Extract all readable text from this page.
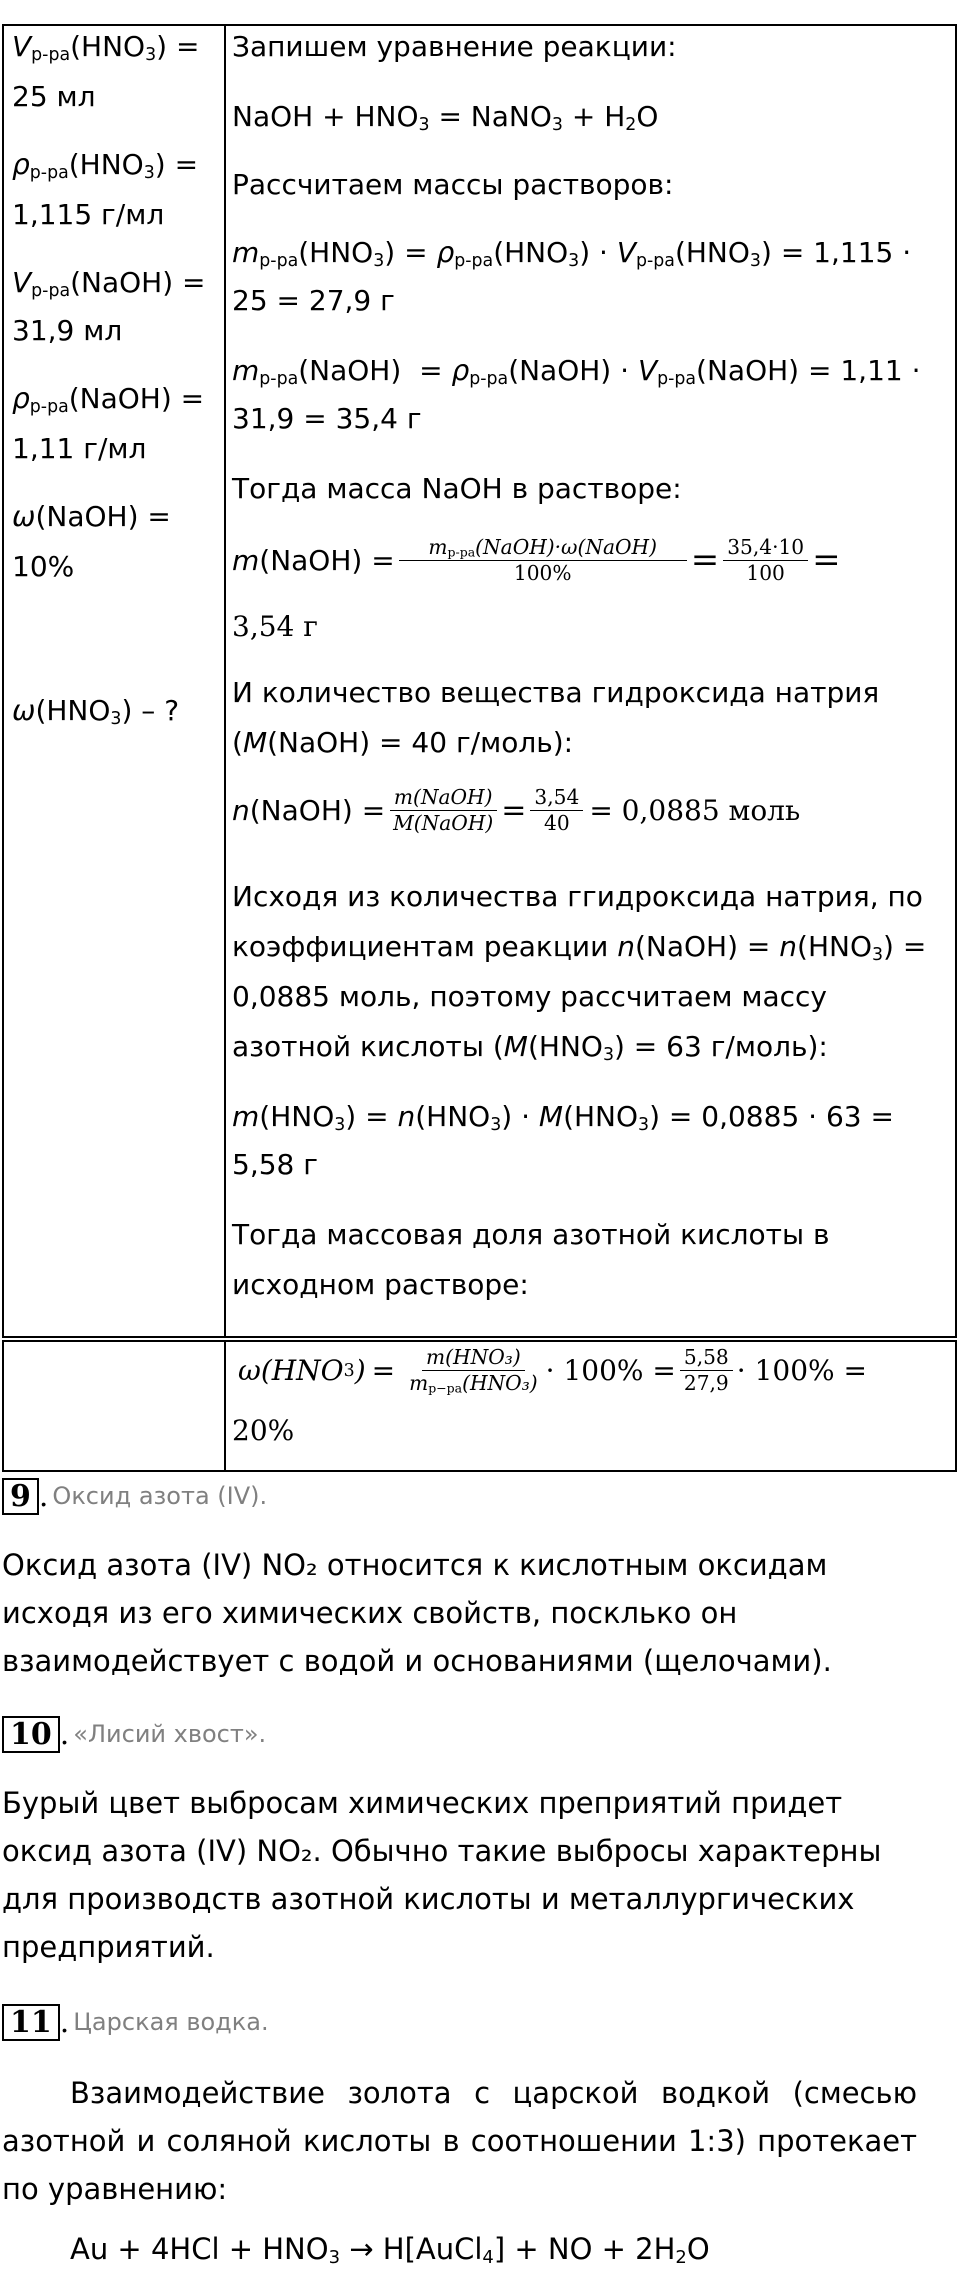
$V_{р-ра}(HNO_3)$ =
25 мл
$\rho_{р-ра}(HNO_3)$ =
1,115 г/мл
$V_{р-ра}(NaOH)$ =
31,9 мл
$\rho_{р-ра}(NaOH)$ =
1,11 г/мл
ω(NaOH) =
10%
$\omega(HNO_3)$ – ?
Запишем уравнение реакции:
NaOH + $HNO_3$ = NaNO$_3$ + $H_2O$
Рассчитаем массы растворов:
$m_{р-ра}(HNO_3) = \rho_{р-ра}(HNO_3) \cdot V_{р-ра}(HNO_3) = 1,115$ ·
25 = 27,9 г
$m_{р-ра}(NaOH)$  = $\rho_{р-ра}(NaOH)$ · $V_{р-ра}(NaOH) = 1,11$ ·
31,9 = 35,4 г
Тогда масса NaOH в растворе:
m (NaOH) = $\frac{m_{р-ра}(NaOH)\cdot\omega(NaOH)}{100\%} = \frac{35,4\cdot 10}{100}$ =
3,54 г
И количество вещества гидроксида натрия
(M(NaOH) = 40 г/моль):
n (NaOH) = $\frac{\text{m(NaOH)}}{\text{M(NaOH)}} = \frac{3,54}{40} = 0,0885$ моль
Исходя из количества ггидроксида натрия, по
коэффициентам реакции n(NaOH) = $n(HNO_3)$ =
0,0885 моль, поэтому рассчитаем массу
азотной кислоты ($M(HNO_3) = 63$ г/моль):
$m(HNO_3) = n(HNO_3) \cdot M(HNO_3) = 0,0885 \cdot 63$ =
5,58 г
Тогда массовая доля азотной кислоты в
исходном растворе:
ω(HNO 3 ) = $\frac{\text{m(HNO₃)}}{m_{р-ра}(HNO_3)} \cdot 100\% = \frac{5,58}{27,9} \cdot 100\%$ =
20%
9 . Оксид азота (IV).
Оксид азота (IV) NO₂ относится к кислотным оксидам исходя из его химических свойств, посклько он взаимодействует с водой и основаниями (щелочами).
10 . «Лисий хвост».
Бурый цвет выбросам химических преприятий придет оксид азота (IV) NO₂. Обычно такие выбросы характерны для производств азотной кислоты и металлургических предприятий.
11 . Царская водка.
Взаимодействие золота с царской водкой (смесью азотной и соляной кислоты в соотношении 1:3) протекает по уравнению:
$Au + 4HCl + HNO_3$ → H[AuCl$_4$] + NO + $2H_2O$
